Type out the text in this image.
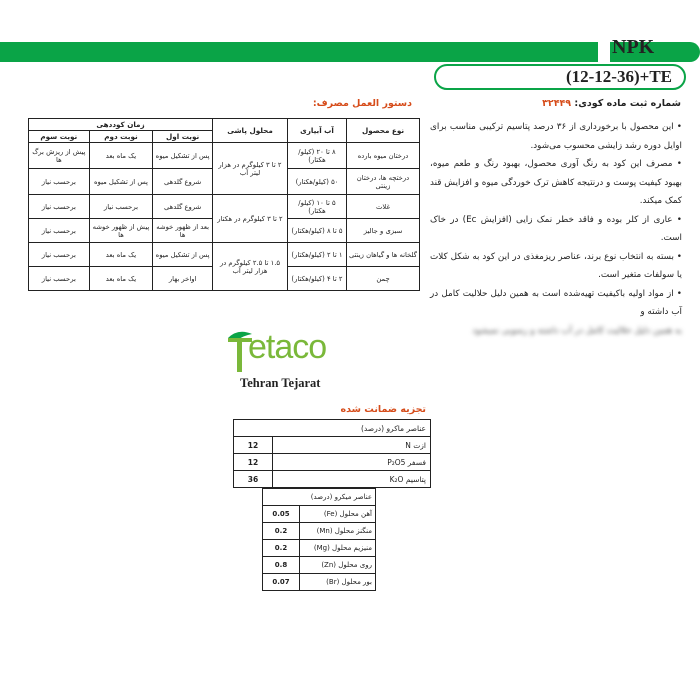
NPK
(12-12-36)+TE
شماره ثبت ماده کودی: ۳۲۴۴۹

• این محصول با برخورداری از ۳۶ درصد پتاسیم ترکیبی مناسب برای اوایل دوره رشد زایشی محسوب می‌شود.

• مصرف این کود به رنگ آوری محصول، بهبود رنگ و طعم میوه، بهبود کیفیت پوست و درنتیجه کاهش ترک خوردگی میوه و افزایش قند کمک میکند.

• عاری از کلر بوده و فاقد خطر نمک زایی (افزایش Ec) در خاک است.

• بسته به انتخاب نوع برند، عناصر ریزمغذی در این کود به شکل کلات یا سولفات متغیر است.

• از مواد اولیه باکیفیت تهیه‌شده است به همین دلیل حلالیت کامل در آب داشته و

به همین دلیل حلالیت کامل در آب داشته و رسوبی نمیشود

دستور العمل مصرف:
نوع محصول	آب آبیاری	محلول پاشی	زمان کوددهی		
			نوبت اول	نوبت دوم	نوبت سوم
درختان میوه بارده	۸ تا ۲۰ (کیلو/هکتار)	۲ تا ۳ کیلوگرم در هزار لیتر آب	پس از تشکیل میوه	یک ماه بعد	پیش از ریزش برگ ها
درختچه ها، درختان زینتی	۵۰ (کیلو/هکتار)		شروع گلدهی	پس از تشکیل میوه	برحسب نیاز
غلات	۵ تا ۱۰ (کیلو/هکتار)	۲ تا ۳ کیلوگرم در هکتار	شروع گلدهی	برحسب نیاز	برحسب نیاز
سبزی و جالیز	۵ تا ۸ (کیلو/هکتار)		بعد از ظهور خوشه ها	پیش از ظهور خوشه ها	برحسب نیاز
گلخانه ها و گیاهان زینتی	۱ تا ۲ (کیلو/هکتار)	۱.۵ تا ۲.۵ کیلوگرم در هزار لیتر آب	پس از تشکیل میوه	یک ماه بعد	برحسب نیاز
چمن	۲ تا ۴ (کیلو/هکتار)		اواخر بهار	یک ماه بعد	برحسب نیاز
etaco
Tehran Tejarat
تجزیه ضمانت شده
عناصر ماکرو (درصد)	
ازت N	12
فسفر P₂O5	12
پتاسیم K₂O	36
عناصر میکرو (درصد)	
آهن محلول (Fe)	0.05
منگنز محلول (Mn)	0.2
منیزیم محلول (Mg)	0.2
روی محلول (Zn)	0.8
بور محلول (Br)	0.07
